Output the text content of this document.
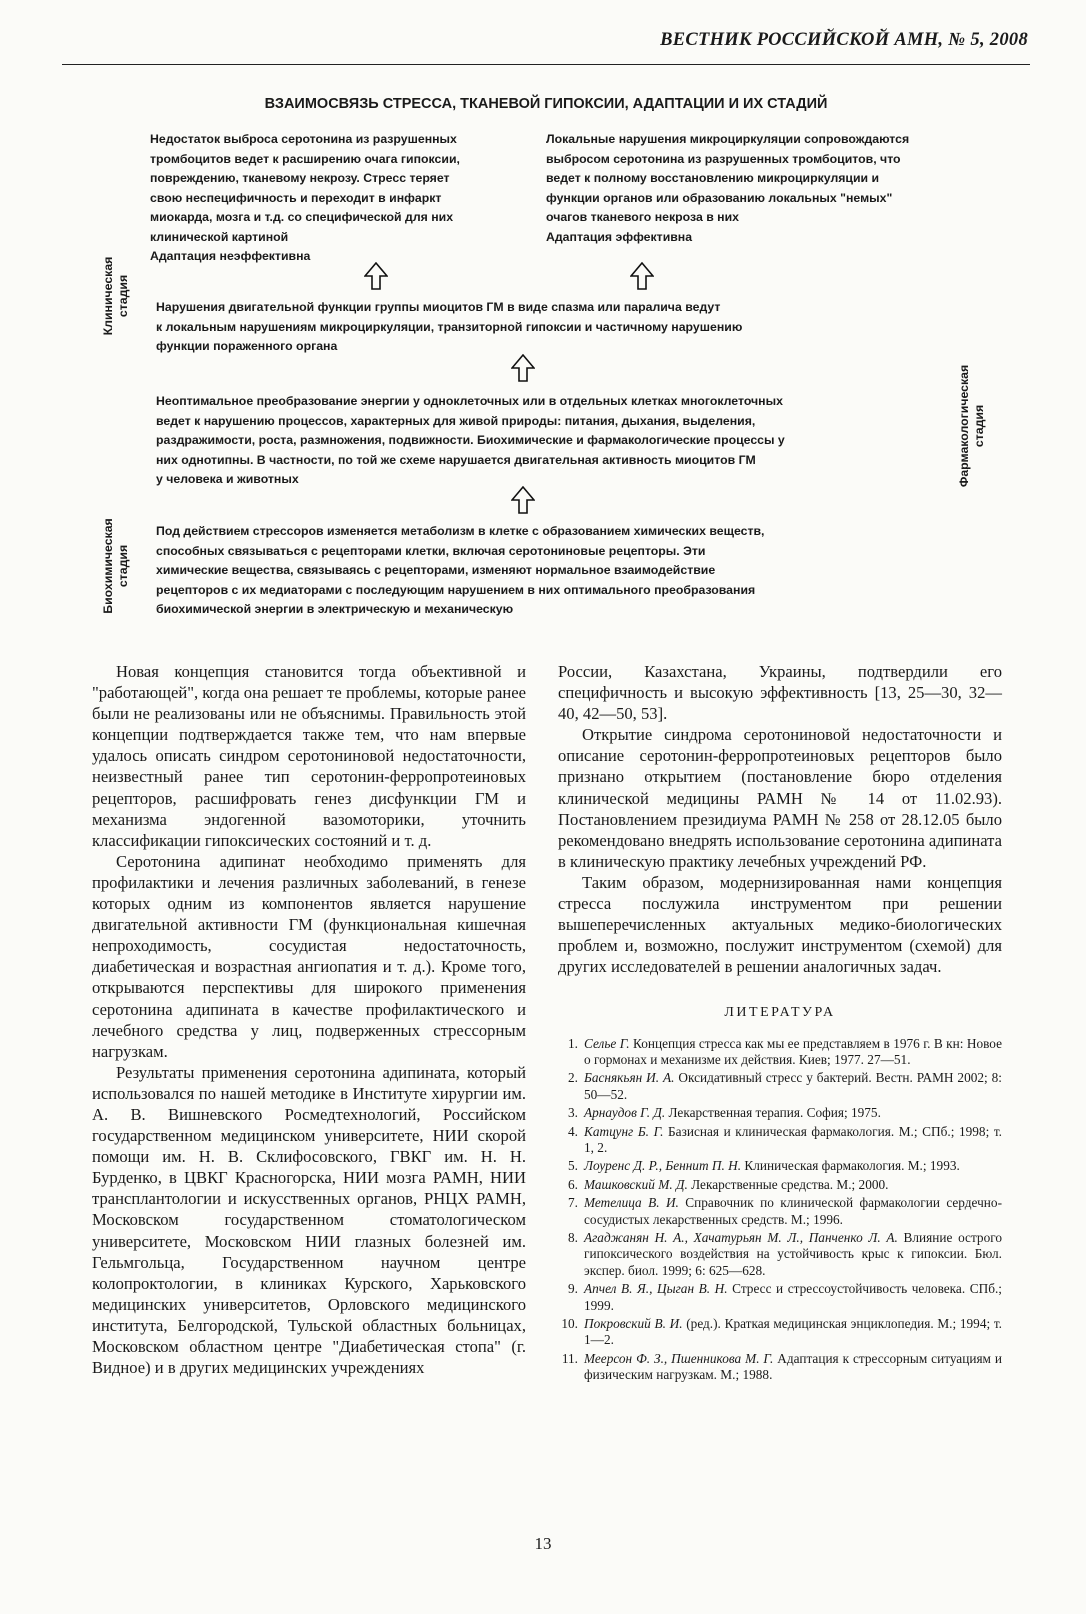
ВЕСТНИК РОССИЙСКОЙ АМН, № 5, 2008
ВЗАИМОСВЯЗЬ СТРЕССА, ТКАНЕВОЙ ГИПОКСИИ, АДАПТАЦИИ И ИХ СТАДИЙ

Недостаток выброса серотонина из разрушенных
тромбоцитов ведет к расширению очага гипоксии,
повреждению, тканевому некрозу. Стресс теряет
свою неспецифичность и переходит в инфаркт
миокарда, мозга и т.д. со специфической для них
клинической картиной
Адаптация неэффективна

Локальные нарушения микроциркуляции сопровождаются
выбросом серотонина из разрушенных тромбоцитов, что
ведет к полному восстановлению микроциркуляции и
функции органов или образованию локальных "немых"
очагов тканевого некроза в них
Адаптация эффективна

Нарушения двигательной функции группы миоцитов ГМ в виде спазма или паралича ведут
к локальным нарушениям микроциркуляции, транзиторной гипоксии и частичному нарушению
функции пораженного органа

Неоптимальное преобразование энергии у одноклеточных или в отдельных клетках многоклеточных
ведет к нарушению процессов, характерных для живой природы: питания, дыхания, выделения,
раздражимости, роста, размножения, подвижности. Биохимические и фармакологические процессы у
них однотипны. В частности, по той же схеме нарушается двигательная активность миоцитов ГМ
у человека и животных

Под действием стрессоров изменяется метаболизм в клетке с образованием химических веществ,
способных связываться с рецепторами клетки, включая серотониновые рецепторы. Эти
химические вещества, связываясь с рецепторами, изменяют нормальное взаимодействие
рецепторов с их медиаторами с последующим нарушением в них оптимального преобразования
биохимической энергии в электрическую и механическую

Клиническая
стадия
Биохимическая
стадия
Фармакологическая
стадия

Новая концепция становится тогда объективной и "работающей", когда она решает те проблемы, которые ранее были не реализованы или не объяснимы. Правильность этой концепции подтверждается также тем, что нам впервые удалось описать синдром серотониновой недостаточности, неизвестный ранее тип серотонин-ферропротеиновых рецепторов, расшифровать генез дисфункции ГМ и механизма эндогенной вазомоторики, уточнить классификации гипоксических состояний и т. д.

Серотонина адипинат необходимо применять для профилактики и лечения различных заболеваний, в генезе которых одним из компонентов является нарушение двигательной активности ГМ (функциональная кишечная непроходимость, сосудистая недостаточность, диабетическая и возрастная ангиопатия и т. д.). Кроме того, открываются перспективы для широкого применения серотонина адипината в качестве профилактического и лечебного средства у лиц, подверженных стрессорным нагрузкам.

Результаты применения серотонина адипината, который использовался по нашей методике в Институте хирургии им. А. В. Вишневского Росмедтехнологий, Российском государственном медицинском университете, НИИ скорой помощи им. Н. В. Склифосовского, ГВКГ им. Н. Н. Бурденко, в ЦВКГ Красногорска, НИИ мозга РАМН, НИИ трансплантологии и искусственных органов, РНЦХ РАМН, Московском государственном стоматологическом университете, Московском НИИ глазных болезней им. Гельмгольца, Государственном научном центре колопроктологии, в клиниках Курского, Харьковского медицинских университетов, Орловского медицинского института, Белгородской, Тульской областных больницах, Московском областном центре "Диабетическая стопа" (г. Видное) и в других медицинских учреждениях

России, Казахстана, Украины, подтвердили его специфичность и высокую эффективность [13, 25—30, 32—40, 42—50, 53].

Открытие синдрома серотониновой недостаточности и описание серотонин-ферропротеиновых рецепторов было признано открытием (постановление бюро отделения клинической медицины РАМН № 14 от 11.02.93). Постановлением президиума РАМН № 258 от 28.12.05 было рекомендовано внедрять использование серотонина адипината в клиническую практику лечебных учреждений РФ.

Таким образом, модернизированная нами концепция стресса послужила инструментом при решении вышеперечисленных актуальных медико-биологических проблем и, возможно, послужит инструментом (схемой) для других исследователей в решении аналогичных задач.

ЛИТЕРАТУРА
1. Селье Г. Концепция стресса как мы ее представляем в 1976 г. В кн: Новое о гормонах и механизме их действия. Киев; 1977. 27—51.
2. Баснякьян И. А. Оксидативный стресс у бактерий. Вестн. РАМН 2002; 8: 50—52.
3. Арнаудов Г. Д. Лекарственная терапия. София; 1975.
4. Катцунг Б. Г. Базисная и клиническая фармакология. М.; СПб.; 1998; т. 1, 2.
5. Лоуренс Д. Р., Беннит П. Н. Клиническая фармакология. М.; 1993.
6. Машковский М. Д. Лекарственные средства. М.; 2000.
7. Метелица В. И. Справочник по клинической фармакологии сердечно-сосудистых лекарственных средств. М.; 1996.
8. Агаджанян Н. А., Хачатурьян М. Л., Панченко Л. А. Влияние острого гипоксического воздействия на устойчивость крыс к гипоксии. Бюл. экспер. биол. 1999; 6: 625—628.
9. Апчел В. Я., Цыган В. Н. Стресс и стрессоустойчивость человека. СПб.; 1999.
10. Покровский В. И. (ред.). Краткая медицинская энциклопедия. М.; 1994; т. 1—2.
11. Меерсон Ф. З., Пшенникова М. Г. Адаптация к стрессорным ситуациям и физическим нагрузкам. М.; 1988.
13
